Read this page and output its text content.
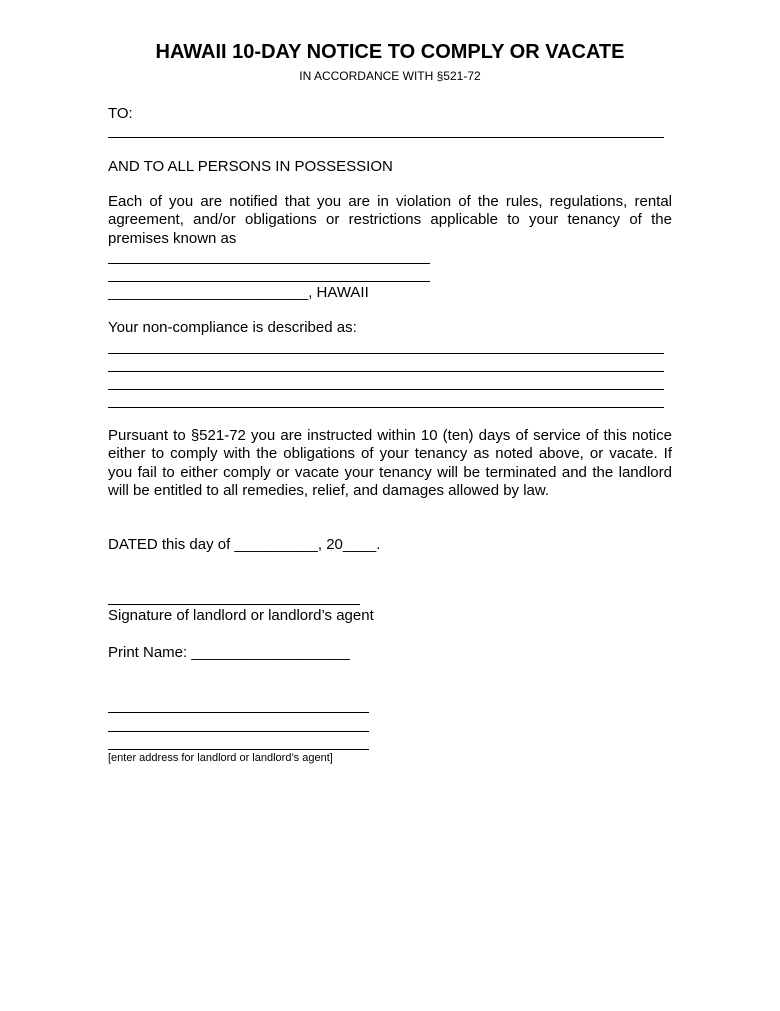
HAWAII 10-DAY NOTICE TO COMPLY OR VACATE
IN ACCORDANCE WITH §521-72
TO:
AND TO ALL PERSONS IN POSSESSION
Each of you are notified that you are in violation of the rules, regulations, rental agreement, and/or obligations or restrictions applicable to your tenancy of the premises known as
________________________, HAWAII
Your non-compliance is described as:
Pursuant to §521-72 you are instructed within 10 (ten) days of service of this notice either to comply with the obligations of your tenancy as noted above, or vacate. If you fail to either comply or vacate your tenancy will be terminated and the landlord will be entitled to all remedies, relief, and damages allowed by law.
DATED this day of __________, 20____.
Signature of landlord or landlord’s agent
Print Name: ___________________
[enter address for landlord or landlord’s agent]
